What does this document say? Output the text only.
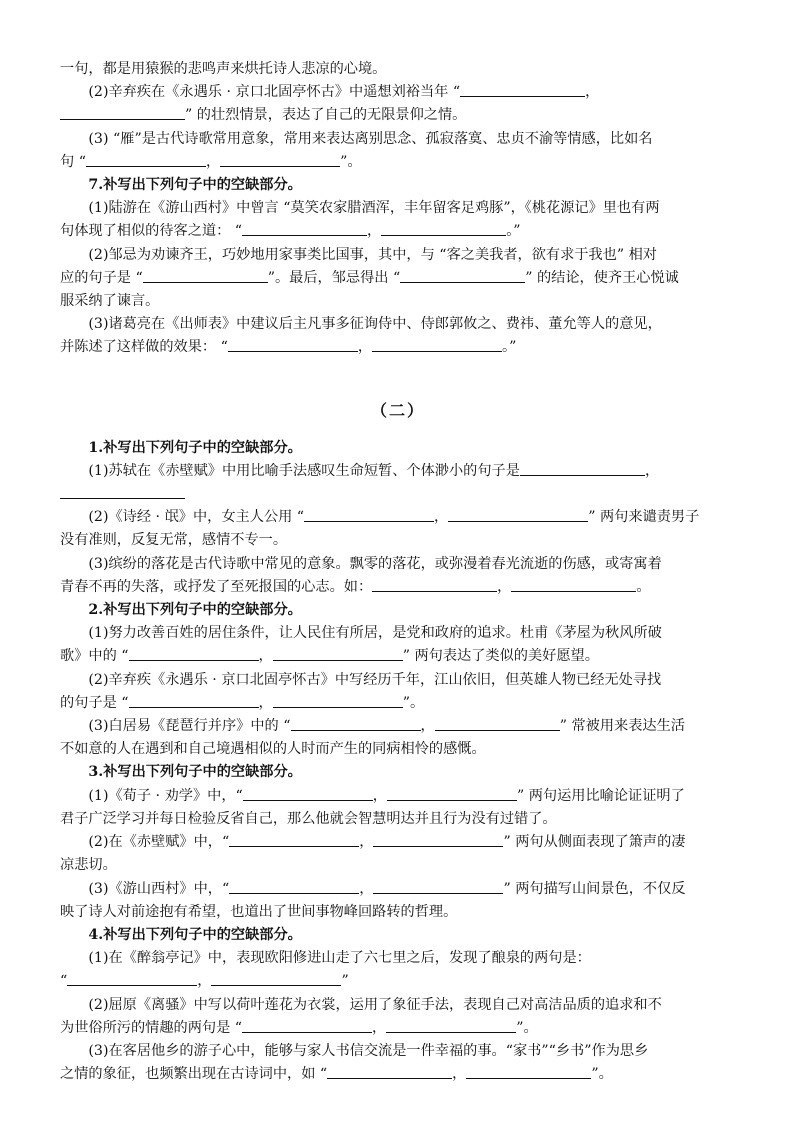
一句，都是用猿猴的悲鸣声来烘托诗人悲凉的心境。

(2)辛弃疾在《永遇乐 · 京口北固亭怀古》中遥想刘裕当年 “	，

” 的壮烈情景，表达了自己的无限景仰之情。

(3) “雁”是古代诗歌常用意象，常用来表达离别思念、孤寂落寞、忠贞不渝等情感，比如名

句 “	，	”。

7.补写出下列句子中的空缺部分。

(1)陆游在《游山西村》中曾言 “莫笑农家腊酒浑，丰年留客足鸡豚”，《桃花源记》里也有两

句体现了相似的待客之道： “	，	。”

(2)邹忌为劝谏齐王，巧妙地用家事类比国事，其中，与 “客之美我者，欲有求于我也” 相对

应的句子是 “	”。最后，邹忌得出 “	” 的结论，使齐王心悦诚

服采纳了谏言。

(3)诸葛亮在《出师表》中建议后主凡事多征询侍中、侍郎郭攸之、费祎、董允等人的意见，

并陈述了这样做的效果： “	，	。”

（二）

1.补写出下列句子中的空缺部分。

(1)苏轼在《赤壁赋》中用比喻手法感叹生命短暂、个体渺小的句子是	，

(2)《诗经 · 氓》中，女主人公用 “	，	” 两句来谴责男子

没有准则，反复无常，感情不专一。

(3)缤纷的落花是古代诗歌中常见的意象。飘零的落花，或弥漫着春光流逝的伤感，或寄寓着

青春不再的失落，或抒发了至死报国的心志。如：	，	。

2.补写出下列句子中的空缺部分。

(1)努力改善百姓的居住条件，让人民住有所居，是党和政府的追求。杜甫《茅屋为秋风所破

歌》中的 “	，	” 两句表达了类似的美好愿望。

(2)辛弃疾《永遇乐 · 京口北固亭怀古》中写经历千年，江山依旧，但英雄人物已经无处寻找

的句子是 “	，	”。

(3)白居易《琵琶行并序》中的 “	，	” 常被用来表达生活

不如意的人在遇到和自己境遇相似的人时而产生的同病相怜的感慨。

3.补写出下列句子中的空缺部分。

(1)《荀子 · 劝学》中，“	，	” 两句运用比喻论证证明了

君子广泛学习并每日检验反省自己，那么他就会智慧明达并且行为没有过错了。

(2)在《赤壁赋》中，“	，	” 两句从侧面表现了箫声的凄

凉悲切。

(3)《游山西村》中，“	，	” 两句描写山间景色，不仅反

映了诗人对前途抱有希望，也道出了世间事物峰回路转的哲理。

4.补写出下列句子中的空缺部分。

(1)在《醉翁亭记》中，表现欧阳修进山走了六七里之后，发现了酿泉的两句是：

“	，	”

(2)屈原《离骚》中写以荷叶莲花为衣裳，运用了象征手法，表现自己对高洁品质的追求和不

为世俗所污的情趣的两句是 “	，	”。

(3)在客居他乡的游子心中，能够与家人书信交流是一件幸福的事。“家书”“乡书”作为思乡

之情的象征，也频繁出现在古诗词中，如 “	，	”。
